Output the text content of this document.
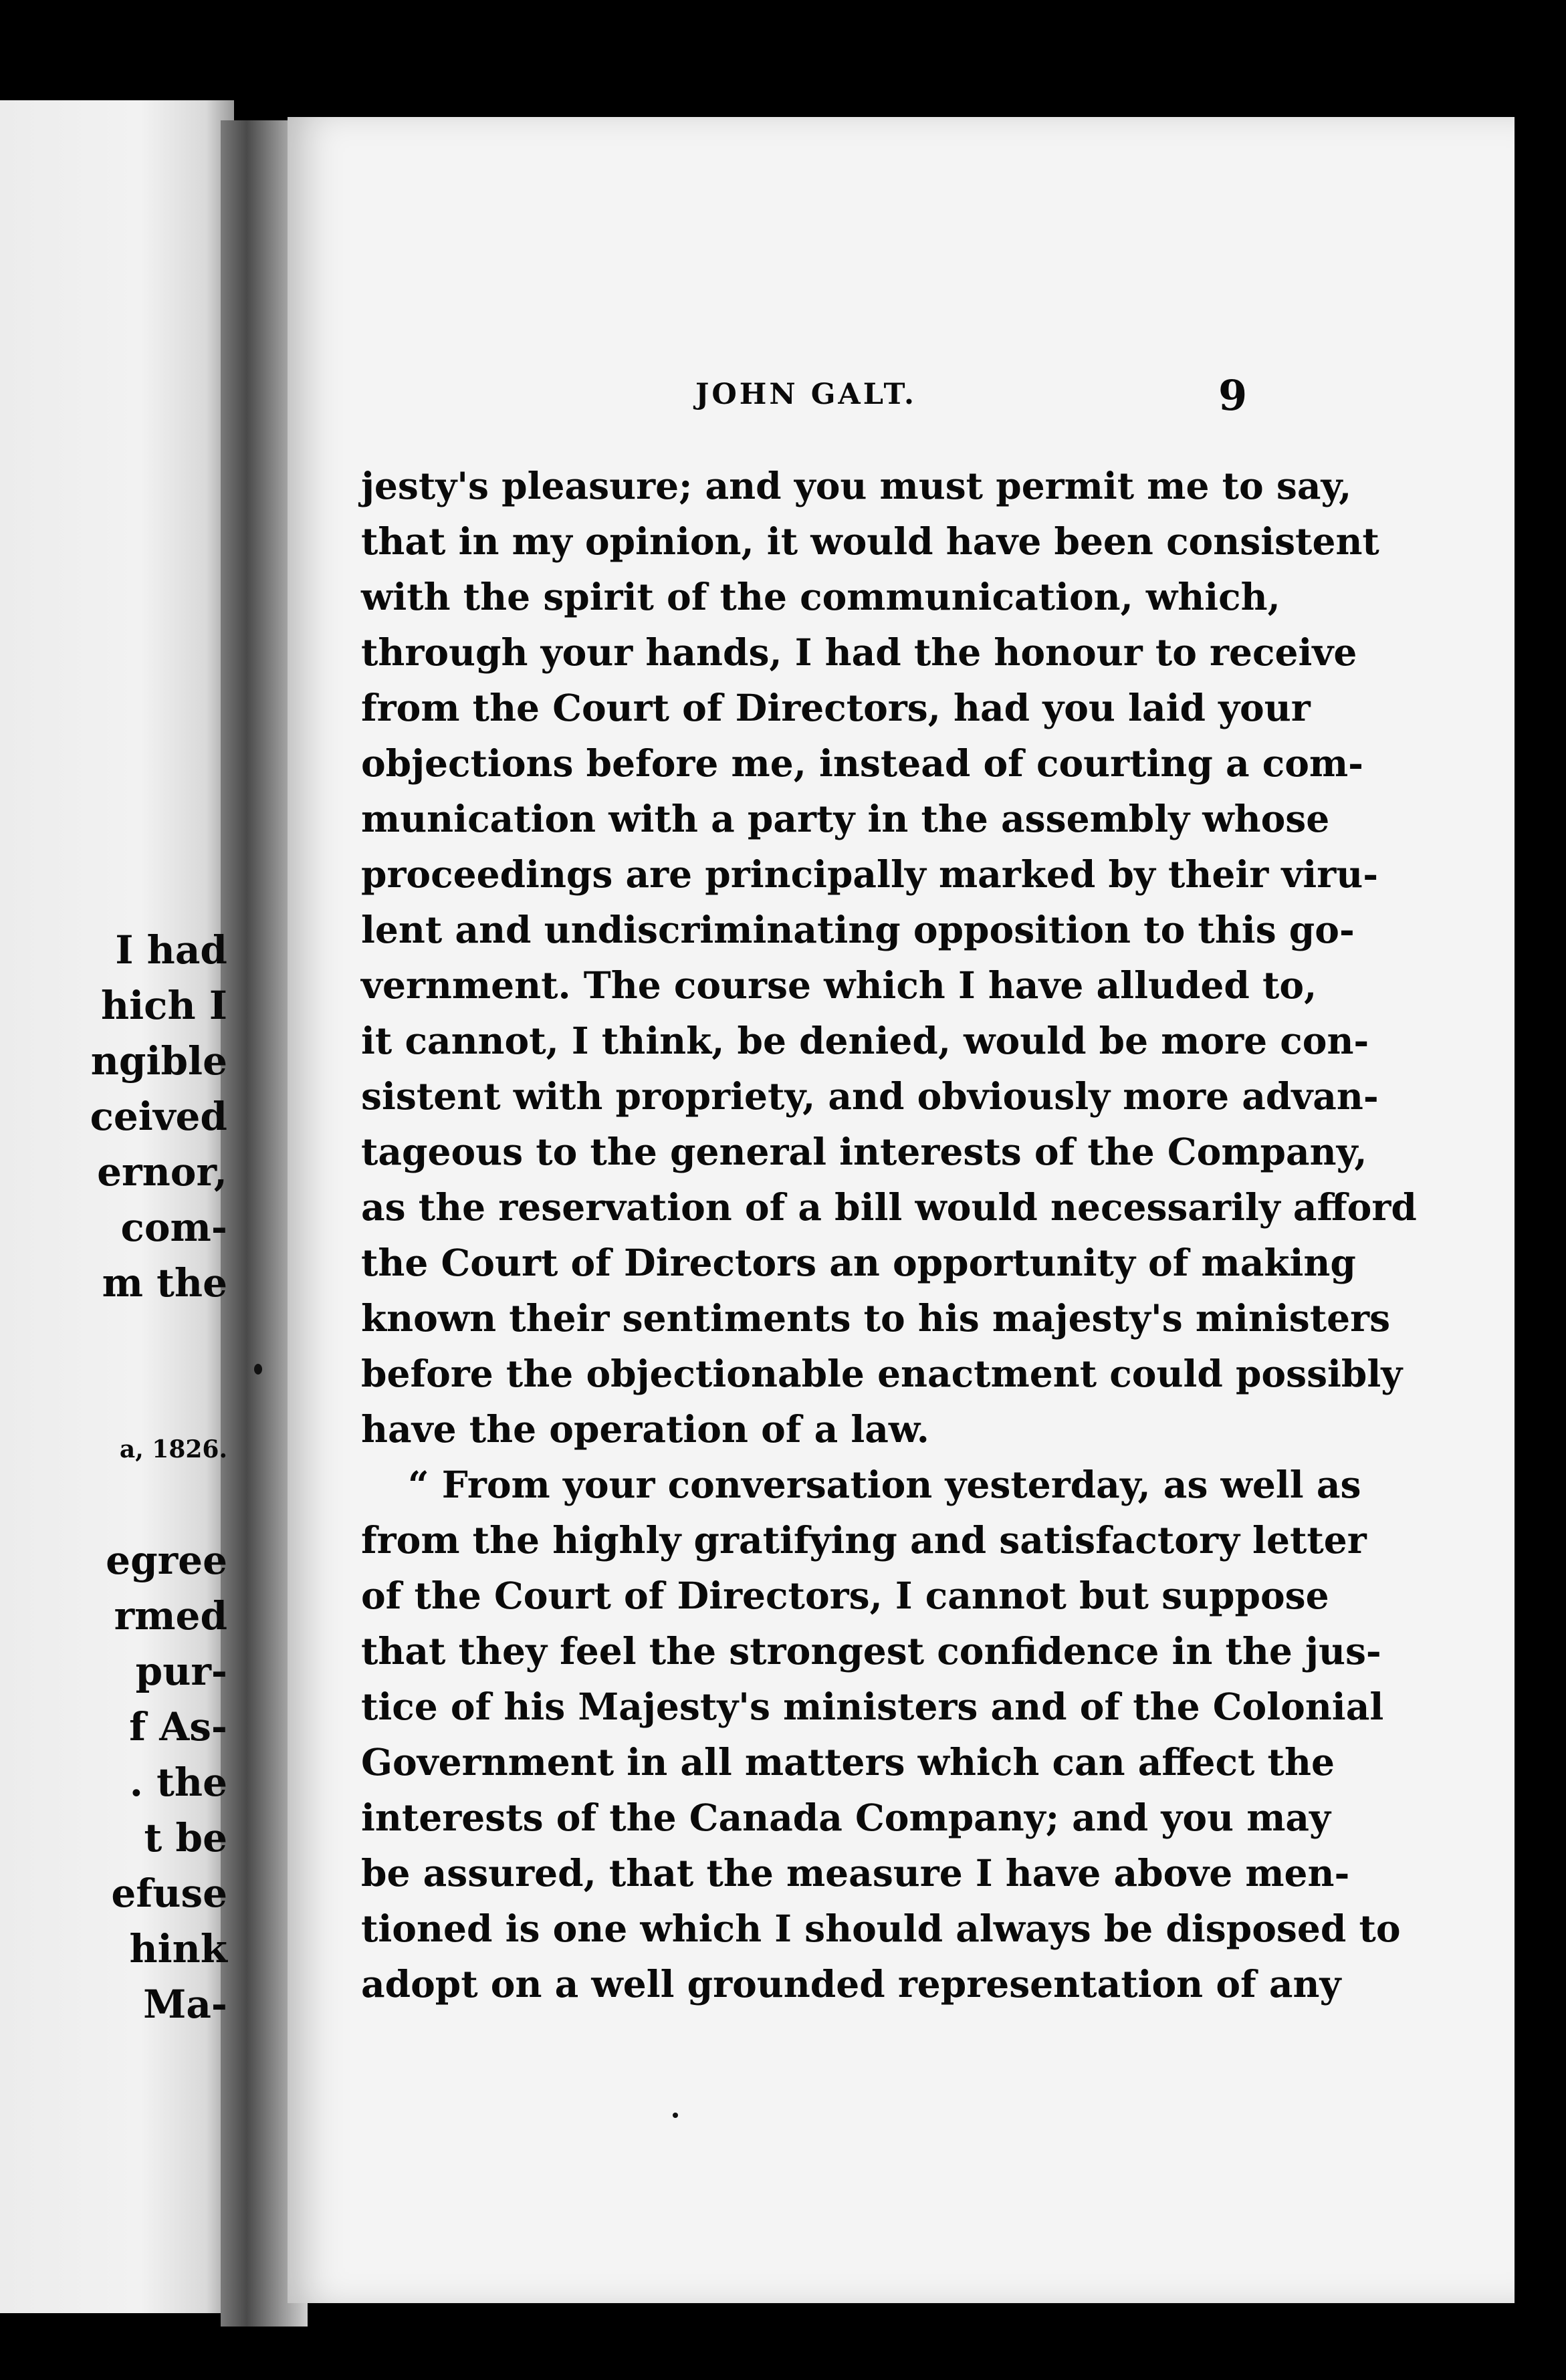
I had
hich I
ngible
ceived
ernor,
com-
m the
a, 1826.
egree
rmed
pur-
f As-
. the
t be
efuse
hink
Ma-
JOHN GALT.	9
jesty's pleasure; and you must permit me to say,
that in my opinion, it would have been consistent
with the spirit of the communication, which,
through your hands, I had the honour to receive
from the Court of Directors, had you laid your
objections before me, instead of courting a com-
munication with a party in the assembly whose
proceedings are principally marked by their viru-
lent and undiscriminating opposition to this go-
vernment. The course which I have alluded to,
it cannot, I think, be denied, would be more con-
sistent with propriety, and obviously more advan-
tageous to the general interests of the Company,
as the reservation of a bill would necessarily afford
the Court of Directors an opportunity of making
known their sentiments to his majesty's ministers
before the objectionable enactment could possibly
have the operation of a law.
“ From your conversation yesterday, as well as
from the highly gratifying and satisfactory letter
of the Court of Directors, I cannot but suppose
that they feel the strongest confidence in the jus-
tice of his Majesty's ministers and of the Colonial
Government in all matters which can affect the
interests of the Canada Company; and you may
be assured, that the measure I have above men-
tioned is one which I should always be disposed to
adopt on a well grounded representation of any
